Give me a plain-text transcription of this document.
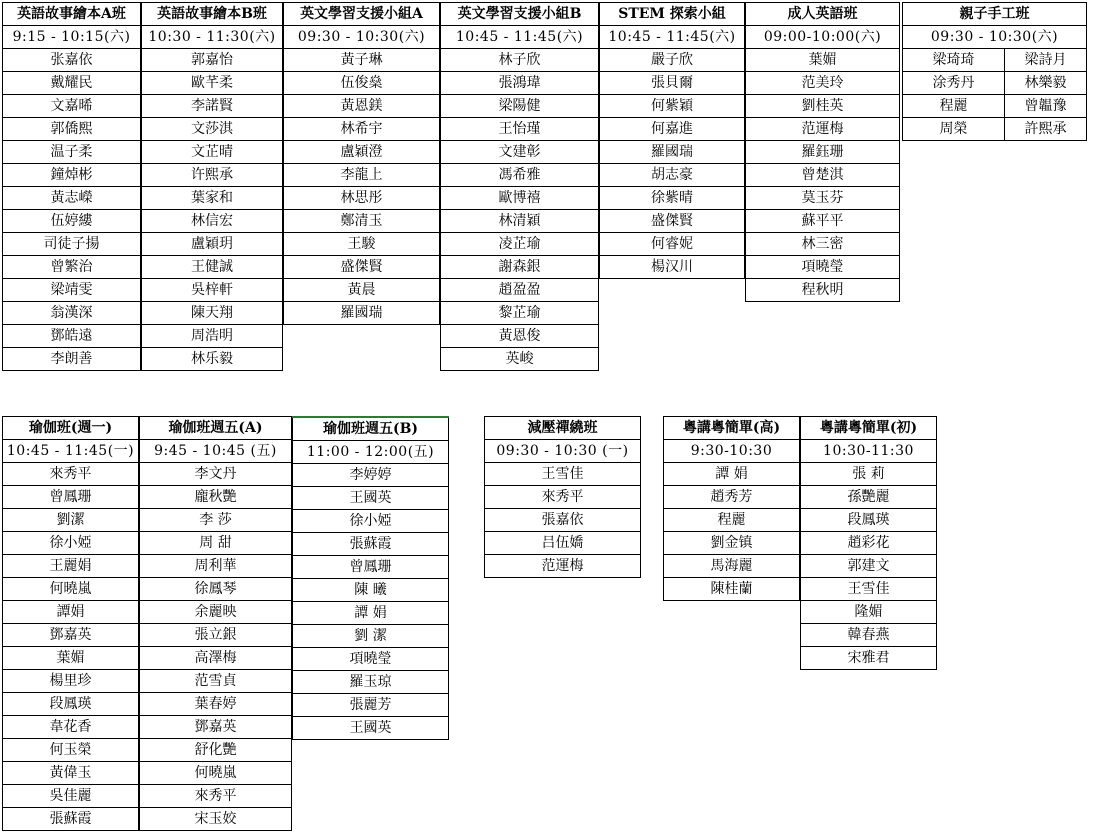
英語故事繪本A班
9:15 - 10:15(六)
张嘉依
戴耀民
文嘉晞
郭僑熙
温子柔
鐘焯彬
黃志嶸
伍婷縷
司徒子揚
曾繁治
梁靖雯
翁漢深
鄧皓遠
李朗善
英語故事繪本B班
10:30 - 11:30(六)
郭嘉怡
歐芊柔
李諾賢
文莎淇
文芷晴
许熙承
葉家和
林信宏
盧穎玥
王健誠
吳梓軒
陳天翔
周浩明
林乐毅
英文學習支援小組A
09:30 - 10:30(六)
黃子琳
伍俊燊
黃恩鎂
林希宇
盧穎澄
李龍上
林思彤
鄭清玉
王駿
盛傑賢
黃晨
羅國瑞
英文學習支援小組B
10:45 - 11:45(六)
林子欣
張鴻瑋
梁陽健
王怡瑾
文建彰
馮希雅
歐博禧
林清穎
凌芷瑜
謝森銀
趙盈盈
黎芷瑜
黃恩俊
英峻
STEM 探索小組
10:45 - 11:45(六)
嚴子欣
張貝爾
何紫穎
何嘉進
羅國瑞
胡志豪
徐紫晴
盛傑賢
何睿妮
楊汉川
成人英語班
09:00-10:00(六)
葉媚
范美玲
劉桂英
范運梅
羅鈺珊
曾楚淇
莫玉芬
蘇平平
林三密
項曉瑩
程秋明
親子手工班	
09:30 - 10:30(六)	
梁琦琦	梁詩月
涂秀丹	林樂毅
程麗	曾韞豫
周榮	許熙承
瑜伽班(週一)
10:45 - 11:45(一)
來秀平
曾鳳珊
劉潔
徐小婭
王麗娟
何曉嵐
譚娟
鄧嘉英
葉媚
楊里珍
段鳳瑛
韋花香
何玉榮
黃偉玉
吳佳麗
張蘇霞
瑜伽班週五(A)
9:45 - 10:45 (五)
李文丹
龐秋艷
李 莎
周 甜
周利華
徐鳳琴
余麗映
張立銀
高澤梅
范雪貞
葉春婷
鄧嘉英
舒化艷
何曉嵐
來秀平
宋玉姣
瑜伽班週五(B)
11:00 - 12:00(五)
李婷婷
王國英
徐小婭
張蘇霞
曾鳳珊
陳 曦
譚 娟
劉 潔
項曉瑩
羅玉琼
張麗芳
王國英
減壓禪繞班
09:30 - 10:30 (一)
王雪佳
來秀平
張嘉依
吕伍嬌
范運梅
粵講粵簡單(高)
9:30-10:30
譚 娟
趙秀芳
程麗
劉金镇
馬海麗
陳桂蘭
粵講粵簡單(初)
10:30-11:30
張 莉
孫艷麗
段鳳瑛
趙彩花
郭建文
王雪佳
隆媚
韓春燕
宋雅君
